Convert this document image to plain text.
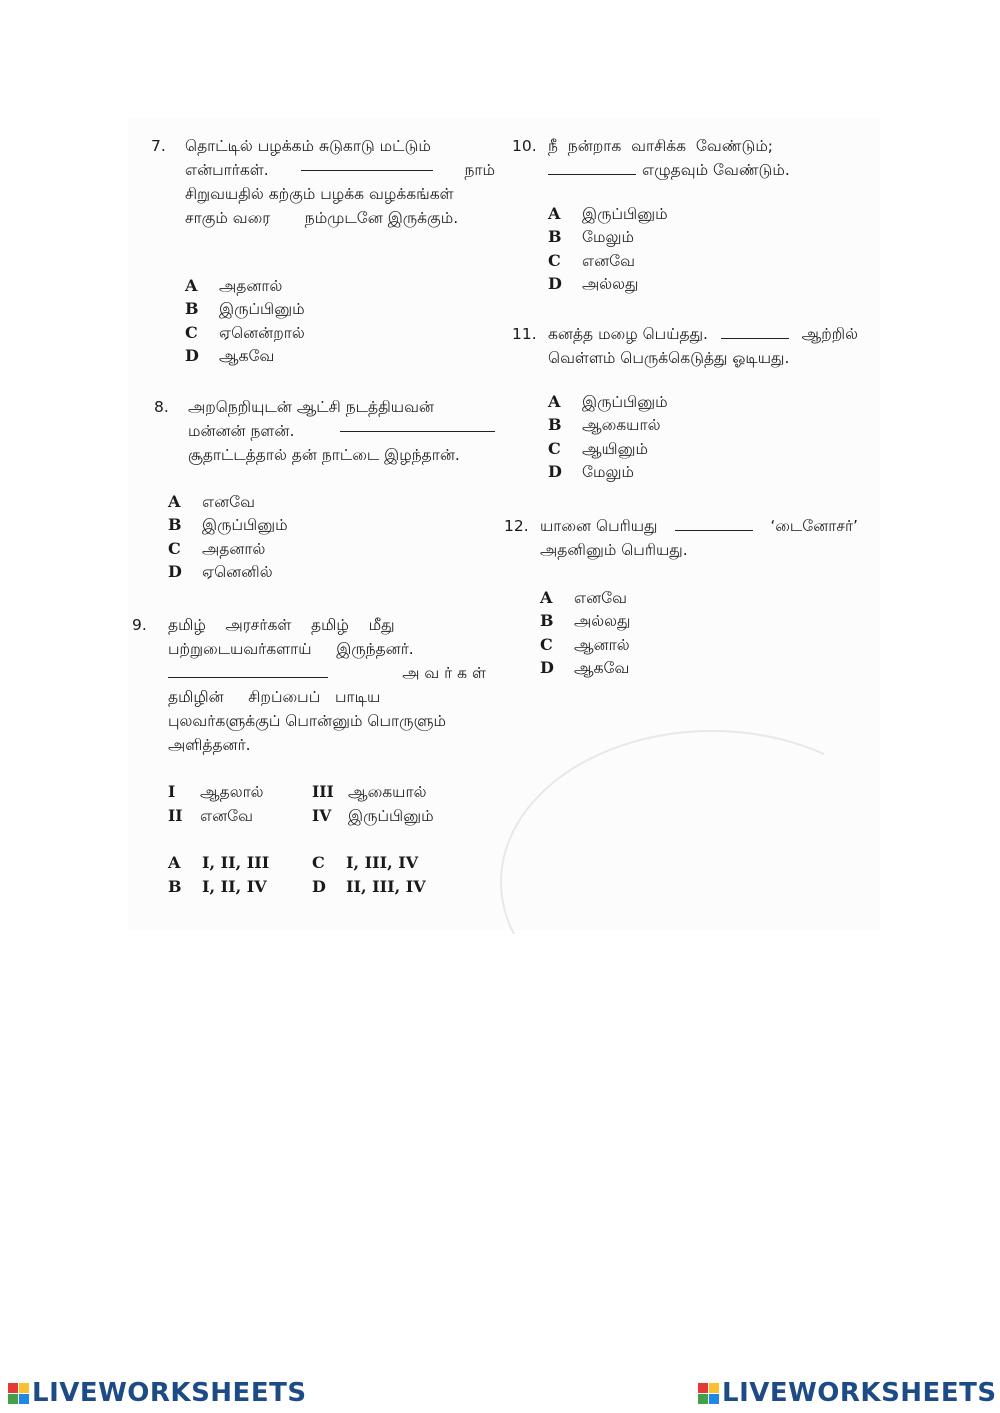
7. தொட்டில் பழக்கம் சுடுகாடு மட்டும்
என்பார்கள்.	நாம்
சிறுவயதில் கற்கும் பழக்க வழக்கங்கள்
சாகும் வரை       நம்முடனே இருக்கும்.
A	அதனால்
B	இருப்பினும்
C	ஏனென்றால்
D	ஆகவே
8. அறநெறியுடன் ஆட்சி நடத்தியவன்
மன்னன் நளன்.
சூதாட்டத்தால் தன் நாட்டை இழந்தான்.
A	எனவே
B	இருப்பினும்
C	அதனால்
D	ஏனெனில்
9. தமிழ்    அரசர்கள்    தமிழ்    மீது
பற்றுடையவர்களாய்     இருந்தனர்.
அ வ ர் க ள்
தமிழின்     சிறப்பைப்   பாடிய
புலவர்களுக்குப் பொன்னும் பொருளும்
அளித்தனர்.
I ஆதலால்	III ஆகையால்
II எனவே	IV இருப்பினும்
A I, II, III	C I, III, IV
B I, II, IV	D II, III, IV
10. நீ  நன்றாக  வாசிக்க  வேண்டும்;
எழுதவும் வேண்டும்.
A	இருப்பினும்
B	மேலும்
C	எனவே
D	அல்லது
11. கனத்த மழை பெய்தது.	ஆற்றில்
வெள்ளம் பெருக்கெடுத்து ஓடியது.
A	இருப்பினும்
B	ஆகையால்
C	ஆயினும்
D	மேலும்
12. யானை பெரியது	‘டைனோசர்’
அதனினும் பெரியது.
A	எனவே
B	அல்லது
C	ஆனால்
D	ஆகவே
LIVEWORKSHEETS	LIVEWORKSHEETS
